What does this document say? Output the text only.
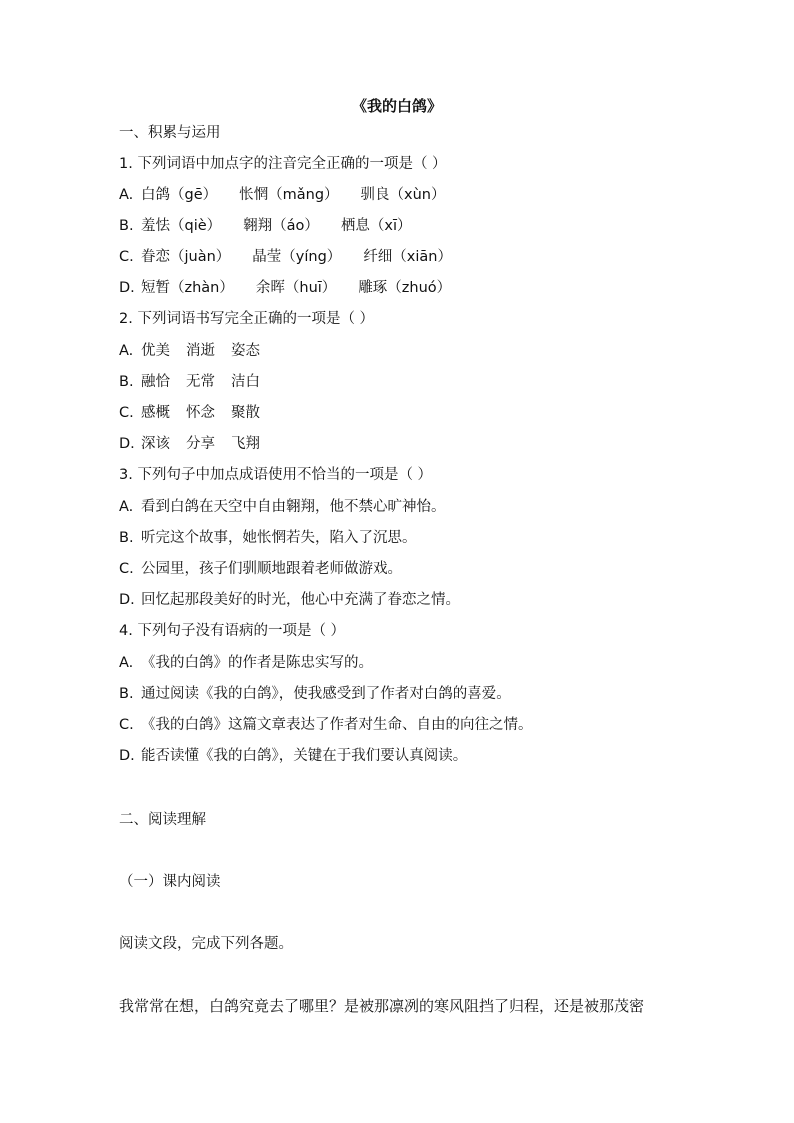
《我的白鸽》
一、积累与运用
1. 下列词语中加点字的注音完全正确的一项是（ ）
A. 白鸽（gē） 怅惘（mǎng） 驯良（xùn）
B. 羞怯（qiè） 翱翔（áo） 栖息（xī）
C. 眷恋（juàn） 晶莹（yíng） 纤细（xiān）
D. 短暂（zhàn） 余晖（huī） 雕琢（zhuó）
2. 下列词语书写完全正确的一项是（ ）
A. 优美 消逝 姿态
B. 融恰 无常 洁白
C. 感概 怀念 聚散
D. 深该 分享 飞翔
3. 下列句子中加点成语使用不恰当的一项是（ ）
A. 看到白鸽在天空中自由翱翔，他不禁心旷神怡。
B. 听完这个故事，她怅惘若失，陷入了沉思。
C. 公园里，孩子们驯顺地跟着老师做游戏。
D. 回忆起那段美好的时光，他心中充满了眷恋之情。
4. 下列句子没有语病的一项是（ ）
A. 《我的白鸽》的作者是陈忠实写的。
B. 通过阅读《我的白鸽》，使我感受到了作者对白鸽的喜爱。
C. 《我的白鸽》这篇文章表达了作者对生命、自由的向往之情。
D. 能否读懂《我的白鸽》，关键在于我们要认真阅读。
二、阅读理解
（一）课内阅读
阅读文段，完成下列各题。
我常常在想，白鸽究竟去了哪里？是被那凛冽的寒风阻挡了归程，还是被那茂密
